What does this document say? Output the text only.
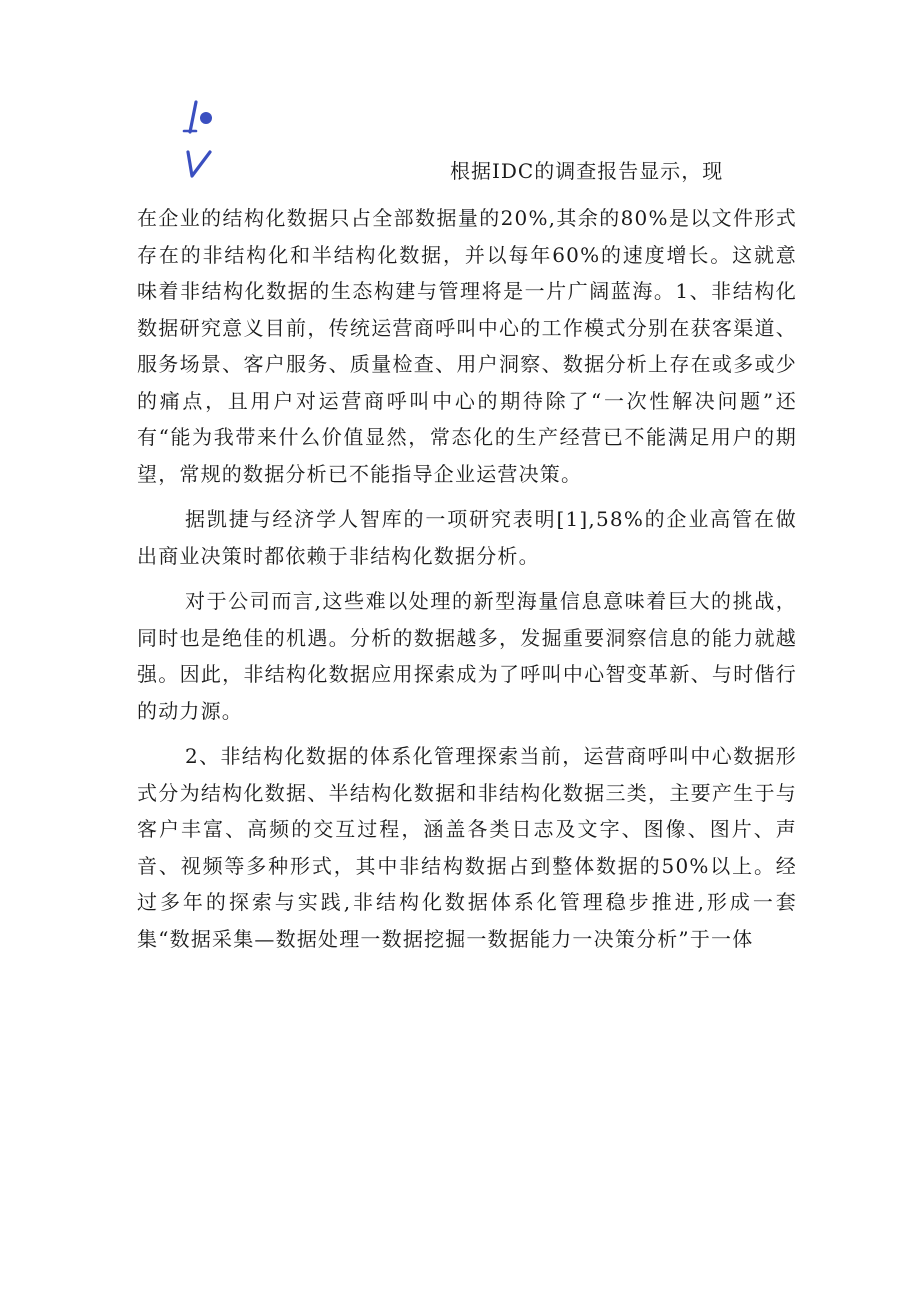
根据IDC的调查报告显示，现

在企业的结构化数据只占全部数据量的20%,其余的80%是以文件形式存在的非结构化和半结构化数据，并以每年60%的速度增长。这就意味着非结构化数据的生态构建与管理将是一片广阔蓝海。1、非结构化数据研究意义目前，传统运营商呼叫中心的工作模式分别在获客渠道、服务场景、客户服务、质量检查、用户洞察、数据分析上存在或多或少的痛点，且用户对运营商呼叫中心的期待除了“一次性解决问题”还有“能为我带来什么价值显然，常态化的生产经营已不能满足用户的期望，常规的数据分析已不能指导企业运营决策。

据凯捷与经济学人智库的一项研究表明[1],58%的企业高管在做出商业决策时都依赖于非结构化数据分析。

对于公司而言,这些难以处理的新型海量信息意味着巨大的挑战，同时也是绝佳的机遇。分析的数据越多，发掘重要洞察信息的能力就越强。因此，非结构化数据应用探索成为了呼叫中心智变革新、与时偕行的动力源。

2、非结构化数据的体系化管理探索当前，运营商呼叫中心数据形式分为结构化数据、半结构化数据和非结构化数据三类，主要产生于与客户丰富、高频的交互过程，涵盖各类日志及文字、图像、图片、声音、视频等多种形式，其中非结构数据占到整体数据的50%以上。经过多年的探索与实践,非结构化数据体系化管理稳步推进,形成一套集“数据采集—数据处理一数据挖掘一数据能力一决策分析”于一体
